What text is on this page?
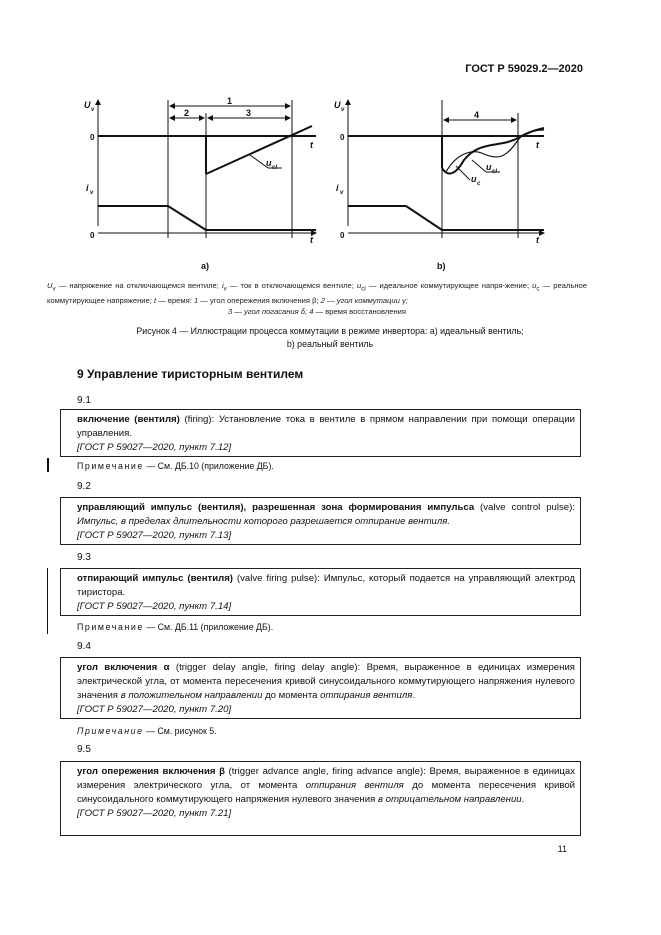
ГОСТ Р 59029.2—2020
U v
i v
t
t
0
0
1
2	3
u cl
a)
U v
i v
t
t
0
0
4
u cl
u c
b)
$U_v$ — напряжение на отключающемся вентиле; $i_v$ — ток в отключающемся вентиле; $u_{cl}$ — идеальное коммутирующее напря-жение; $u_c$ — реальное коммутирующее напряжение; t — время: 1 — угол опережения включения β; 2 — угол коммутации γ;

3 — угол погасания δ; 4 — время восстановления
Рисунок 4 — Иллюстрации процесса коммутации в режиме инвертора: a) идеальный вентиль;
b) реальный вентиль
9 Управление тиристорным вентилем
9.1
включение (вентиля) (firing): Установление тока в вентиле в прямом направлении при помощи операции управления.
[ГОСТ Р 59027—2020, пункт 7.12]
Примечание — См. ДБ.10 (приложение ДБ).
9.2
управляющий импульс (вентиля), разрешенная зона формирования импульса (valve control pulse): Импульс, в пределах длительности которого разрешается отпирание вентиля.
[ГОСТ Р 59027—2020, пункт 7.13]
9.3
отпирающий импульс (вентиля) (valve firing pulse): Импульс, который подается на управляющий электрод тиристора.
[ГОСТ Р 59027—2020, пункт 7.14]
Примечание — См. ДБ.11 (приложение ДБ).
9.4
угол включения α (trigger delay angle, firing delay angle): Время, выраженное в единицах измерения электрической угла, от момента пересечения кривой синусоидального коммутирующего напряжения нулевого значения в положительном направлении до момента отпирания вентиля.
[ГОСТ Р 59027—2020, пункт 7.20]
Примечание — См. рисунок 5.
9.5
угол опережения включения β (trigger advance angle, firing advance angle): Время, выраженное в единицах измерения электрического угла, от момента отпирания вентиля до момента пересечения кривой синусоидального коммутирующего напряжения нулевого значения в отрицательном направлении.
[ГОСТ Р 59027—2020, пункт 7.21]
11
